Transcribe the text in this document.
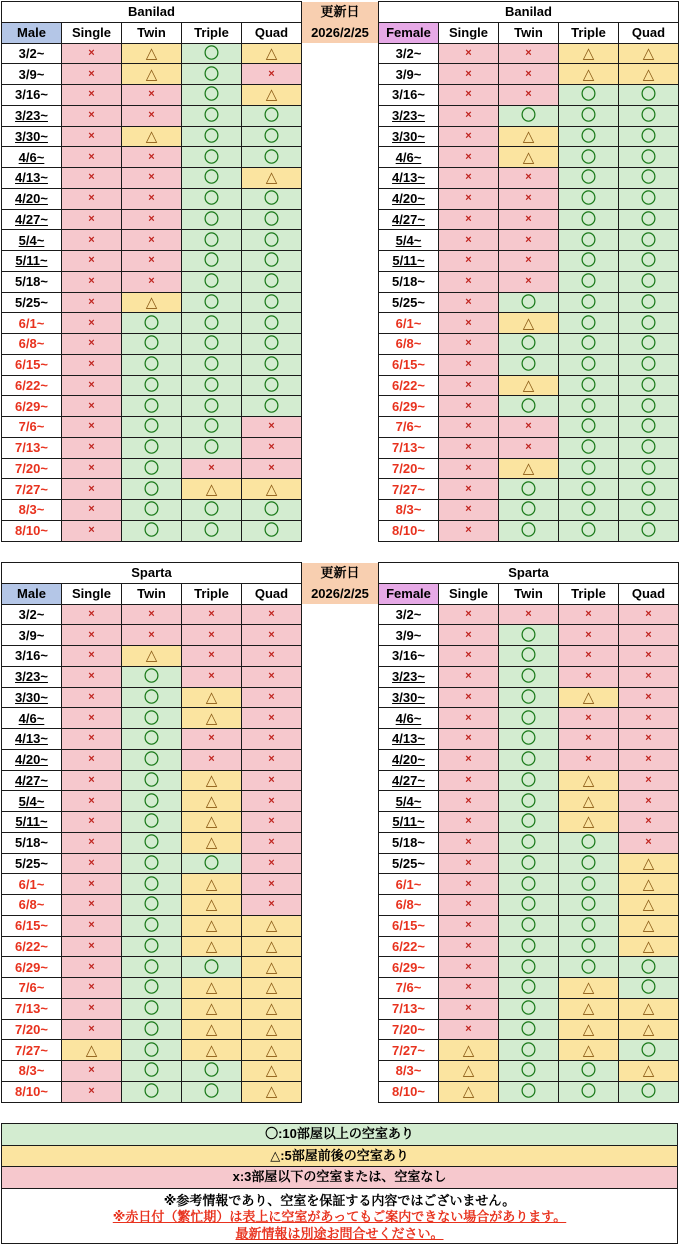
Banilad				
Male	Single	Twin	Triple	Quad
3/2~	×	△	〇	△
3/9~	×	△	〇	×
3/16~	×	×	〇	△
3/23~	×	×	〇	〇
3/30~	×	△	〇	〇
4/6~	×	×	〇	〇
4/13~	×	×	〇	△
4/20~	×	×	〇	〇
4/27~	×	×	〇	〇
5/4~	×	×	〇	〇
5/11~	×	×	〇	〇
5/18~	×	×	〇	〇
5/25~	×	△	〇	〇
6/1~	×	〇	〇	〇
6/8~	×	〇	〇	〇
6/15~	×	〇	〇	〇
6/22~	×	〇	〇	〇
6/29~	×	〇	〇	〇
7/6~	×	〇	〇	×
7/13~	×	〇	〇	×
7/20~	×	〇	×	×
7/27~	×	〇	△	△
8/3~	×	〇	〇	〇
8/10~	×	〇	〇	〇
Banilad				
Female	Single	Twin	Triple	Quad
3/2~	×	×	△	△
3/9~	×	×	△	△
3/16~	×	×	〇	〇
3/23~	×	〇	〇	〇
3/30~	×	△	〇	〇
4/6~	×	△	〇	〇
4/13~	×	×	〇	〇
4/20~	×	×	〇	〇
4/27~	×	×	〇	〇
5/4~	×	×	〇	〇
5/11~	×	×	〇	〇
5/18~	×	×	〇	〇
5/25~	×	〇	〇	〇
6/1~	×	△	〇	〇
6/8~	×	〇	〇	〇
6/15~	×	〇	〇	〇
6/22~	×	△	〇	〇
6/29~	×	〇	〇	〇
7/6~	×	×	〇	〇
7/13~	×	×	〇	〇
7/20~	×	△	〇	〇
7/27~	×	〇	〇	〇
8/3~	×	〇	〇	〇
8/10~	×	〇	〇	〇
Sparta				
Male	Single	Twin	Triple	Quad
3/2~	×	×	×	×
3/9~	×	×	×	×
3/16~	×	△	×	×
3/23~	×	〇	×	×
3/30~	×	〇	△	×
4/6~	×	〇	△	×
4/13~	×	〇	×	×
4/20~	×	〇	×	×
4/27~	×	〇	△	×
5/4~	×	〇	△	×
5/11~	×	〇	△	×
5/18~	×	〇	△	×
5/25~	×	〇	〇	×
6/1~	×	〇	△	×
6/8~	×	〇	△	×
6/15~	×	〇	△	△
6/22~	×	〇	△	△
6/29~	×	〇	〇	△
7/6~	×	〇	△	△
7/13~	×	〇	△	△
7/20~	×	〇	△	△
7/27~	△	〇	△	△
8/3~	×	〇	〇	△
8/10~	×	〇	〇	△
Sparta				
Female	Single	Twin	Triple	Quad
3/2~	×	×	×	×
3/9~	×	〇	×	×
3/16~	×	〇	×	×
3/23~	×	〇	×	×
3/30~	×	〇	△	×
4/6~	×	〇	×	×
4/13~	×	〇	×	×
4/20~	×	〇	×	×
4/27~	×	〇	△	×
5/4~	×	〇	△	×
5/11~	×	〇	△	×
5/18~	×	〇	〇	×
5/25~	×	〇	〇	△
6/1~	×	〇	〇	△
6/8~	×	〇	〇	△
6/15~	×	〇	〇	△
6/22~	×	〇	〇	△
6/29~	×	〇	〇	〇
7/6~	×	〇	△	〇
7/13~	×	〇	△	△
7/20~	×	〇	△	△
7/27~	△	〇	△	〇
8/3~	△	〇	〇	△
8/10~	△	〇	〇	〇
更新日
2026/2/25
更新日
2026/2/25
〇:10部屋以上の空室あり
△:5部屋前後の空室あり
x:3部屋以下の空室または、空室なし
※参考情報であり、空室を保証する内容ではございません。
※赤日付（繁忙期）は表上に空室があってもご案内できない場合があります。
最新情報は別途お問合せください。
